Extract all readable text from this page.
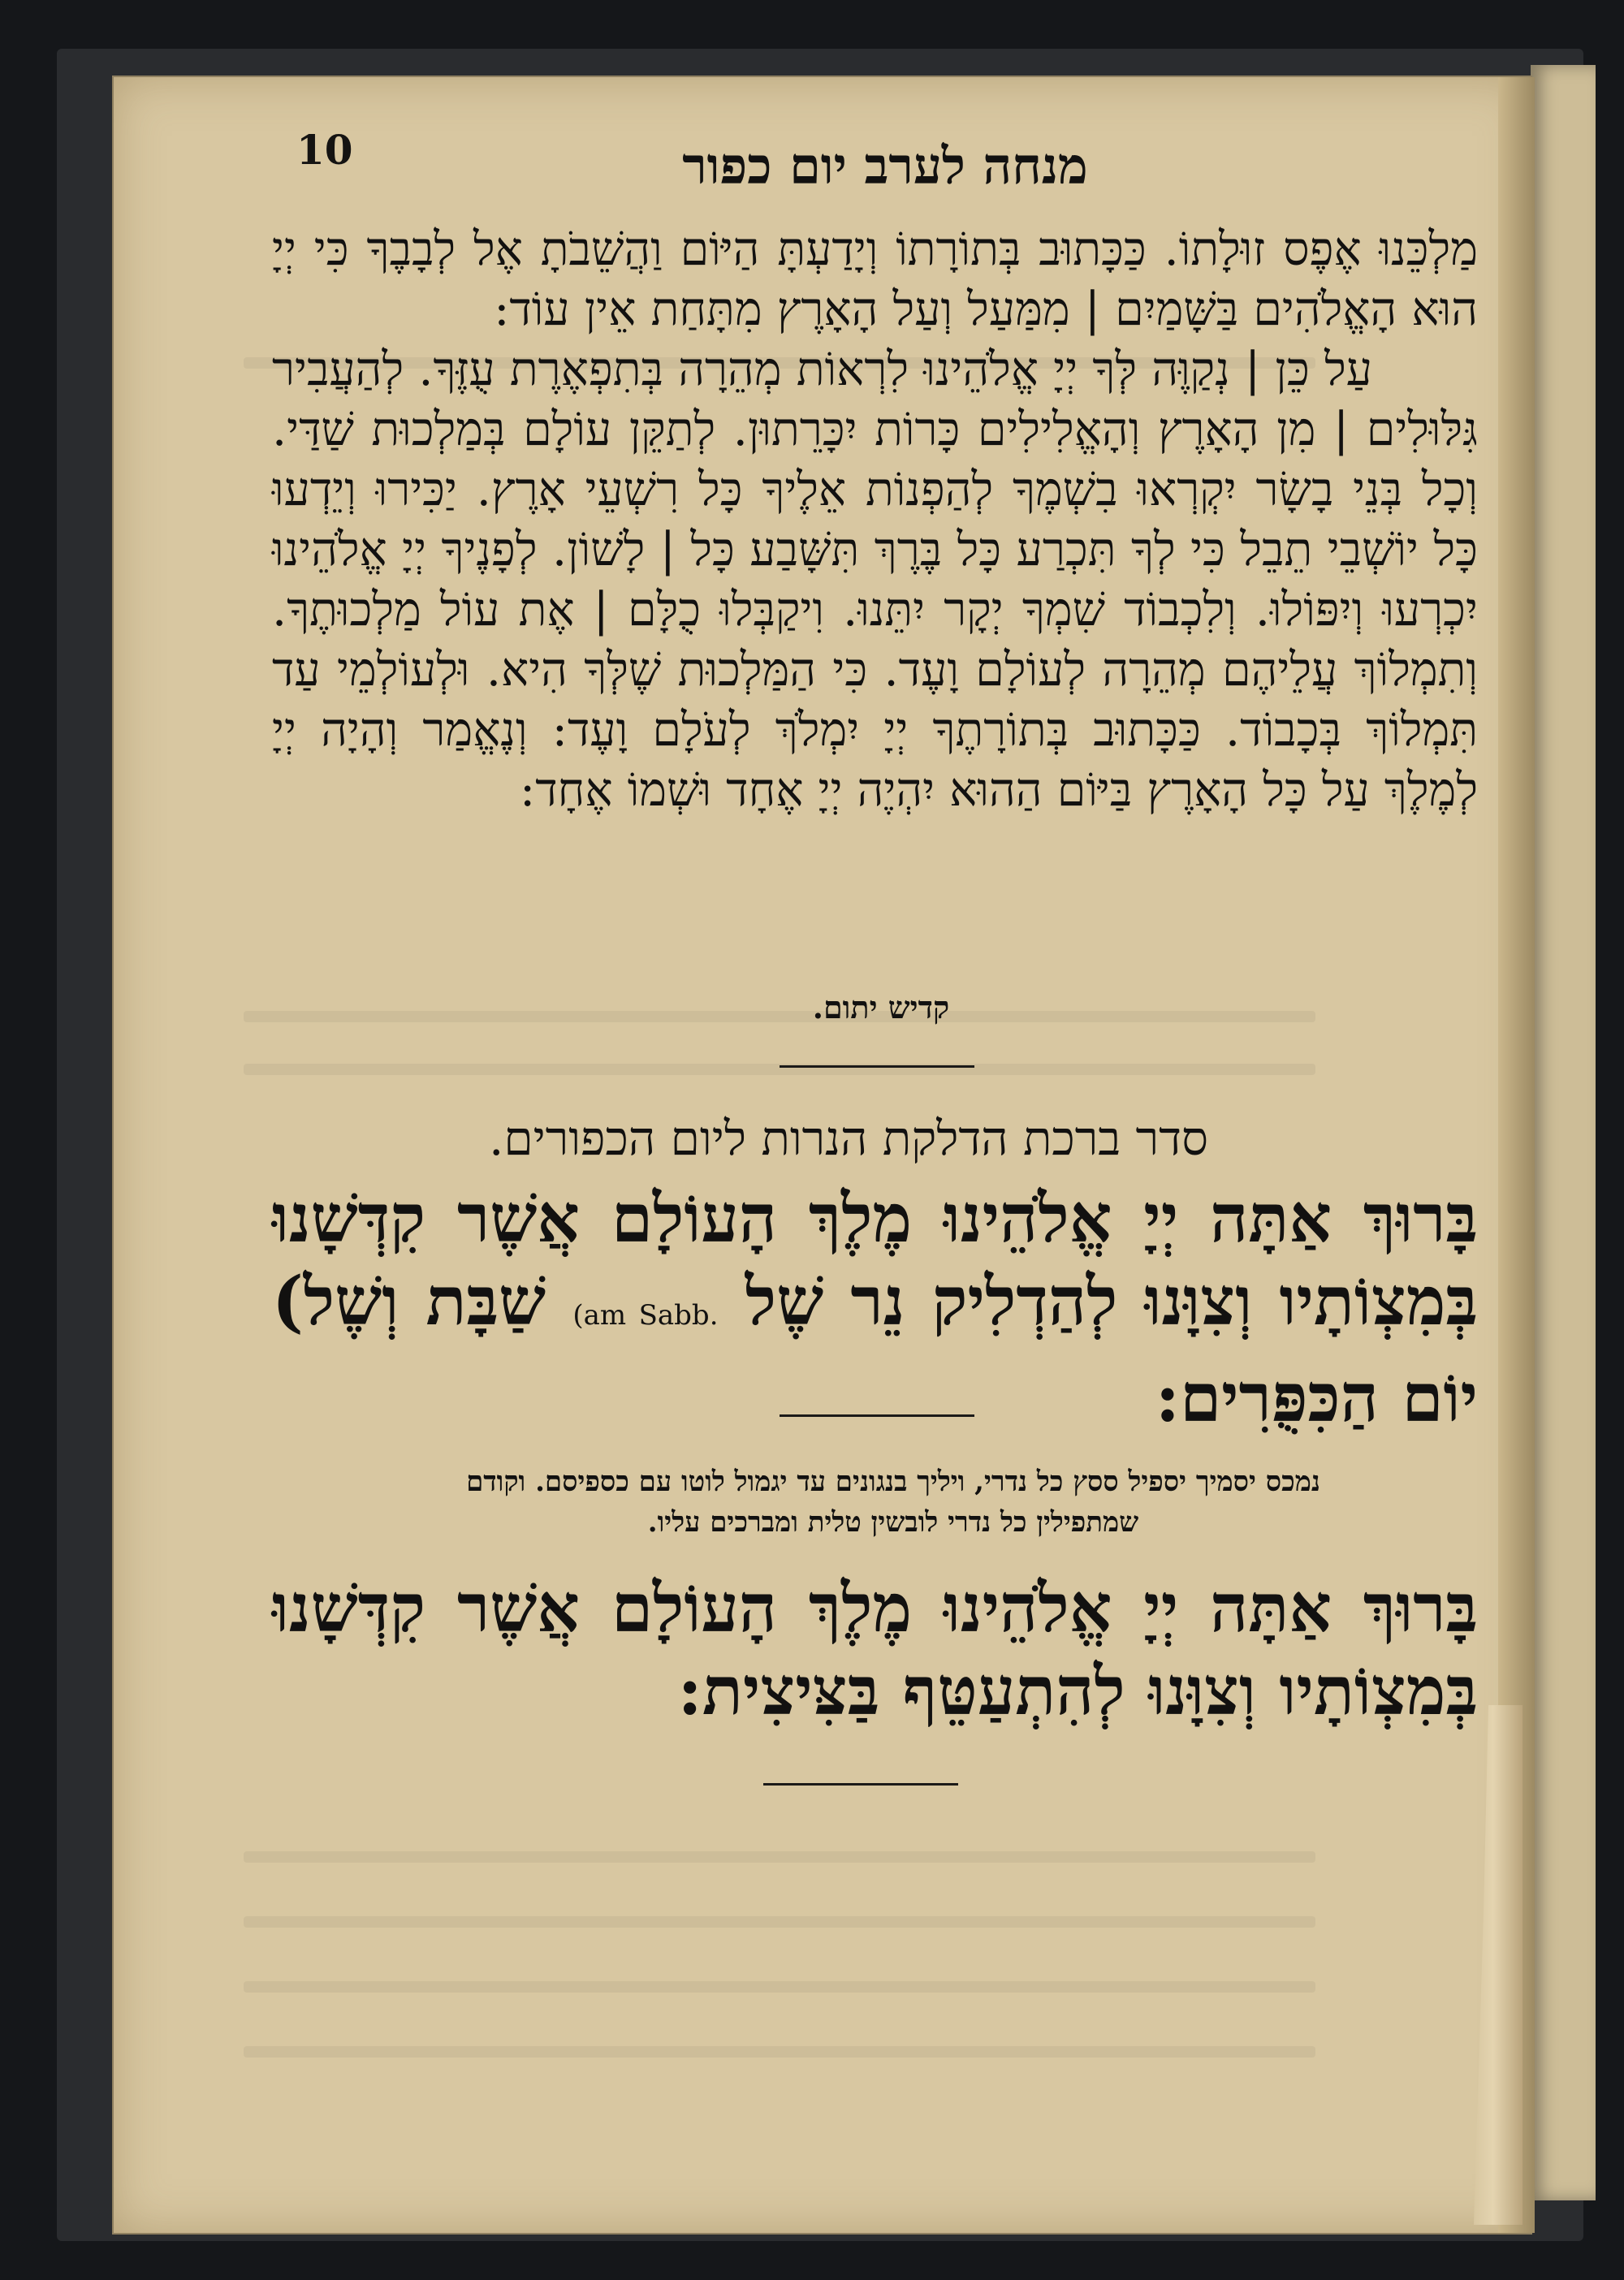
10	מנחה לערב יום כפור

מַלְכֵּנוּ אֶפֶס זוּלָתוֹ. כַּכָּתוּב בְּתוֹרָתוֹ וְיָדַעְתָּ הַיּוֹם וַהֲשֵׁבֹתָ אֶל לְבָבֶךָ כִּי יְיָ הוּא הָאֱלֹהִים בַּשָּׁמַיִם | מִמַּעַל וְעַל הָאָרֶץ מִתָּחַת אֵין עוֹד:

עַל כֵּן | נְקַוֶּה לְּךָ יְיָ אֱלֹהֵינוּ לִרְאוֹת מְהֵרָה בְּתִפְאֶרֶת עֻזֶּךָ. לְהַעֲבִיר גִּלּוּלִים | מִן הָאָרֶץ וְהָאֱלִילִים כָּרוֹת יִכָּרֵתוּן. לְתַקֵּן עוֹלָם בְּמַלְכוּת שַׁדַּי. וְכָל בְּנֵי בָשָׂר יִקְרְאוּ בִשְׁמֶךָ לְהַפְנוֹת אֵלֶיךָ כָּל רִשְׁעֵי אָרֶץ. יַכִּירוּ וְיֵדְעוּ כָּל יוֹשְׁבֵי תֵבֵל כִּי לְךָ תִּכְרַע כָּל בֶּרֶךְ תִּשָּׁבַע כָּל | לָשׁוֹן. לְפָנֶיךָ יְיָ אֱלֹהֵינוּ יִכְרְעוּ וְיִפּוֹלוּ. וְלִכְבוֹד שִׁמְךָ יְקָר יִתֵּנוּ. וִיקַבְּלוּ כֻלָּם | אֶת עוֹל מַלְכוּתֶךָ. וְתִמְלוֹךְ עֲלֵיהֶם מְהֵרָה לְעוֹלָם וָעֶד. כִּי הַמַּלְכוּת שֶׁלְּךָ הִיא. וּלְעוֹלְמֵי עַד תִּמְלוֹךְ בְּכָבוֹד. כַּכָּתוּב בְּתוֹרָתֶךָ יְיָ יִמְלֹךְ לְעֹלָם וָעֶד: וְנֶאֱמַר וְהָיָה יְיָ לְמֶלֶךְ עַל כָּל הָאָרֶץ בַּיּוֹם הַהוּא יִהְיֶה יְיָ אֶחָד וּשְׁמוֹ אֶחָד:

קדיש יתום.
סדר ברכת הדלקת הנרות ליום הכפורים.
בָּרוּךְ אַתָּה יְיָ אֱלֹהֵינוּ מֶלֶךְ הָעוֹלָם אֲשֶׁר קִדְּשָׁנוּ בְּמִצְוֹתָיו וְצִוָּנוּ לְהַדְלִיק נֵר שֶׁל (am Sabb. שַׁבָּת וְשֶׁל) יוֹם הַכִּפֻּרִים:
נמכס יסמיך יספיל ססץ כל נדרי, ויליך בנגונים עד יגמול לוטו עם כספיסם. וקודם
שמתפילין כל נדרי לובשין טלית ומברכים עליו.
בָּרוּךְ אַתָּה יְיָ אֱלֹהֵינוּ מֶלֶךְ הָעוֹלָם אֲשֶׁר קִדְּשָׁנוּ בְּמִצְוֹתָיו וְצִוָּנוּ לְהִתְעַטֵּף בַּצִּיצִית:
